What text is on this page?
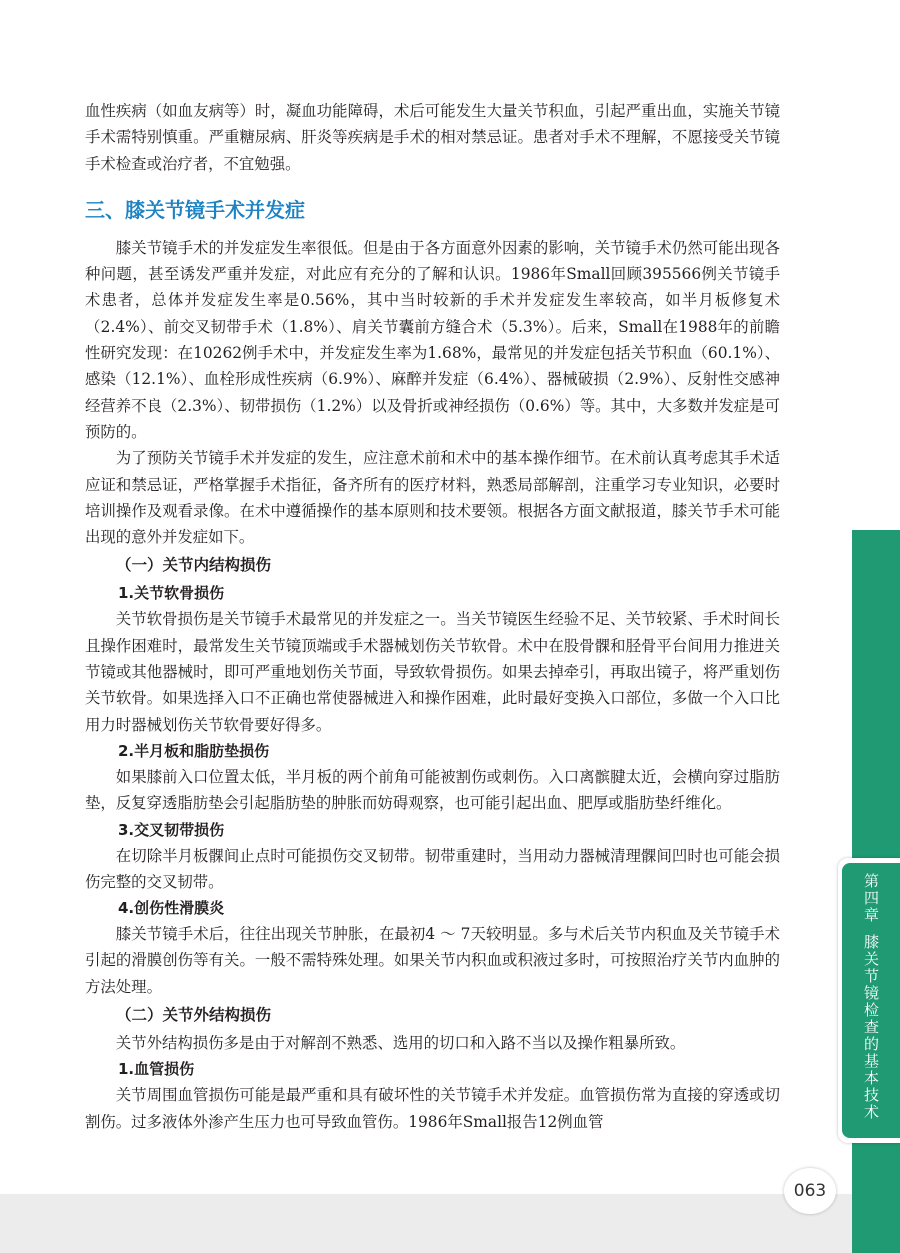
血性疾病（如血友病等）时，凝血功能障碍，术后可能发生大量关节积血，引起严重出血，实施关节镜手术需特别慎重。严重糖尿病、肝炎等疾病是手术的相对禁忌证。患者对手术不理解，不愿接受关节镜手术检查或治疗者，不宜勉强。

三、膝关节镜手术并发症

膝关节镜手术的并发症发生率很低。但是由于各方面意外因素的影响，关节镜手术仍然可能出现各种问题，甚至诱发严重并发症，对此应有充分的了解和认识。1986年Small回顾395566例关节镜手术患者，总体并发症发生率是0.56%，其中当时较新的手术并发症发生率较高，如半月板修复术（2.4%）、前交叉韧带手术（1.8%）、肩关节囊前方缝合术（5.3%）。后来，Small在1988年的前瞻性研究发现：在10262例手术中，并发症发生率为1.68%，最常见的并发症包括关节积血（60.1%）、感染（12.1%）、血栓形成性疾病（6.9%）、麻醉并发症（6.4%）、器械破损（2.9%）、反射性交感神经营养不良（2.3%）、韧带损伤（1.2%）以及骨折或神经损伤（0.6%）等。其中，大多数并发症是可预防的。

为了预防关节镜手术并发症的发生，应注意术前和术中的基本操作细节。在术前认真考虑其手术适应证和禁忌证，严格掌握手术指征，备齐所有的医疗材料，熟悉局部解剖，注重学习专业知识，必要时培训操作及观看录像。在术中遵循操作的基本原则和技术要领。根据各方面文献报道，膝关节手术可能出现的意外并发症如下。

（一）关节内结构损伤
1.关节软骨损伤

关节软骨损伤是关节镜手术最常见的并发症之一。当关节镜医生经验不足、关节较紧、手术时间长且操作困难时，最常发生关节镜顶端或手术器械划伤关节软骨。术中在股骨髁和胫骨平台间用力推进关节镜或其他器械时，即可严重地划伤关节面，导致软骨损伤。如果去掉牵引，再取出镜子，将严重划伤关节软骨。如果选择入口不正确也常使器械进入和操作困难，此时最好变换入口部位，多做一个入口比用力时器械划伤关节软骨要好得多。

2.半月板和脂肪垫损伤

如果膝前入口位置太低，半月板的两个前角可能被割伤或刺伤。入口离髌腱太近，会横向穿过脂肪垫，反复穿透脂肪垫会引起脂肪垫的肿胀而妨碍观察，也可能引起出血、肥厚或脂肪垫纤维化。

3.交叉韧带损伤

在切除半月板髁间止点时可能损伤交叉韧带。韧带重建时，当用动力器械清理髁间凹时也可能会损伤完整的交叉韧带。

4.创伤性滑膜炎

膝关节镜手术后，往往出现关节肿胀，在最初4 ～ 7天较明显。多与术后关节内积血及关节镜手术引起的滑膜创伤等有关。一般不需特殊处理。如果关节内积血或积液过多时，可按照治疗关节内血肿的方法处理。

（二）关节外结构损伤

关节外结构损伤多是由于对解剖不熟悉、选用的切口和入路不当以及操作粗暴所致。

1.血管损伤

关节周围血管损伤可能是最严重和具有破坏性的关节镜手术并发症。血管损伤常为直接的穿透或切割伤。过多液体外渗产生压力也可导致血管伤。1986年Small报告12例血管

第四章膝关节镜检查的基本技术
063
